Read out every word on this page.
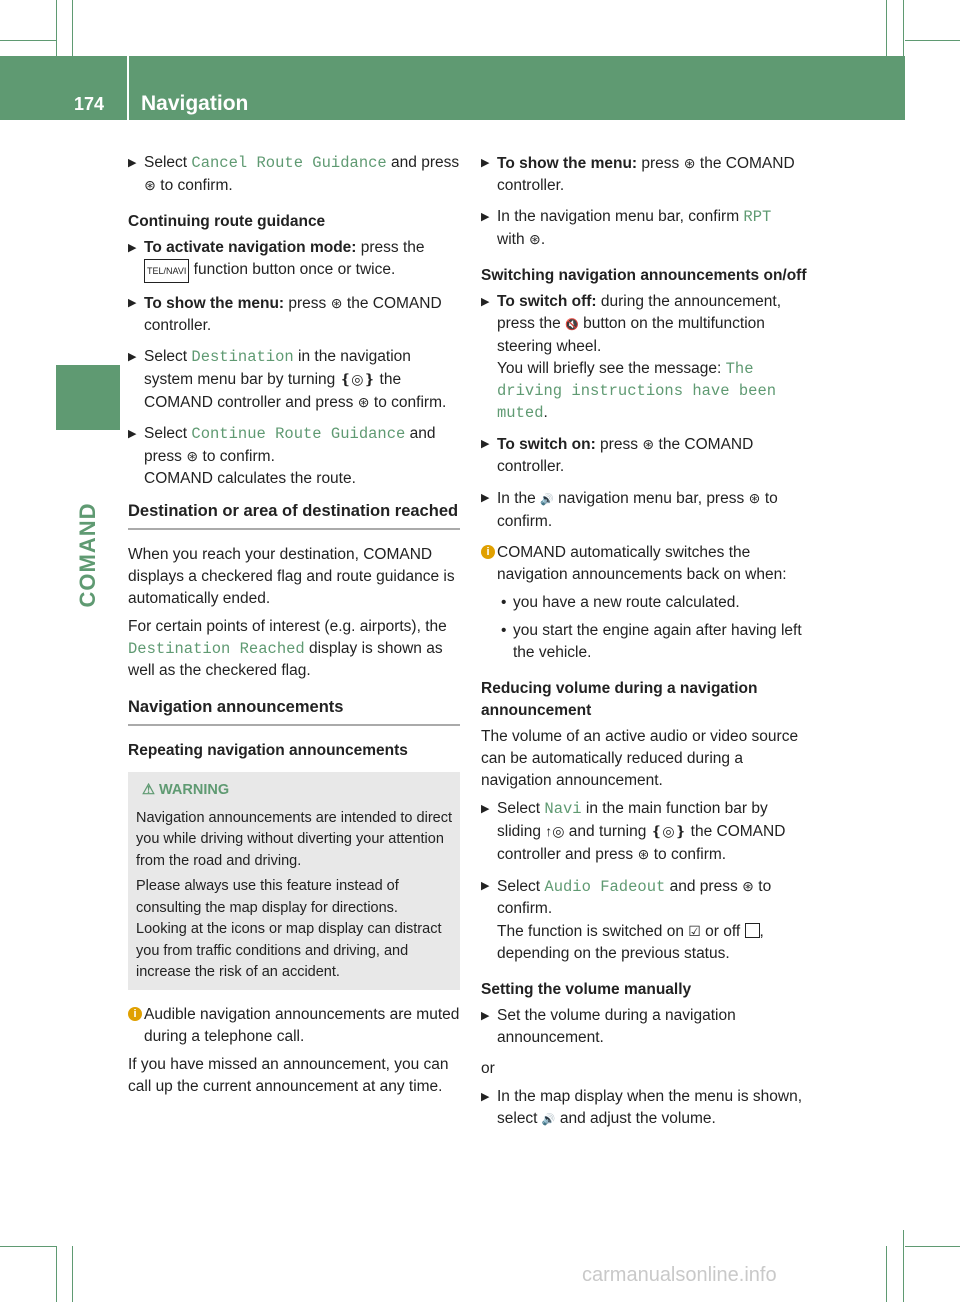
174 Navigation
COMAND
▶ Select Cancel Route Guidance and press
⊛ to confirm.
Continuing route guidance
▶ To activate navigation mode: press the
TEL/NAVI function button once or twice.
▶ To show the menu: press ⊛ the COMAND controller.
▶ Select Destination in the navigation system menu bar by turning ❴◎❵ the COMAND controller and press ⊛ to confirm.
▶ Select Continue Route Guidance and press ⊛ to confirm.
COMAND calculates the route.
Destination or area of destination reached
When you reach your destination, COMAND displays a checkered flag and route guidance is automatically ended.
For certain points of interest (e.g. airports), the Destination Reached display is shown as well as the checkered flag.
Navigation announcements
Repeating navigation announcements
⚠ WARNING
Navigation announcements are intended to direct you while driving without diverting your attention from the road and driving.
Please always use this feature instead of consulting the map display for directions. Looking at the icons or map display can distract you from traffic conditions and driving, and increase the risk of an accident.
i Audible navigation announcements are muted during a telephone call.
If you have missed an announcement, you can call up the current announcement at any time.
▶ To show the menu: press ⊛ the COMAND controller.
▶ In the navigation menu bar, confirm RPT
with ⊛.
Switching navigation announcements on/off
▶ To switch off: during the announcement, press the 🔇 button on the multifunction steering wheel.
You will briefly see the message: The driving instructions have been muted.
▶ To switch on: press ⊛ the COMAND controller.
▶ In the 🔊 navigation menu bar, press ⊛ to confirm.
i COMAND automatically switches the navigation announcements back on when:
• you have a new route calculated.
• you start the engine again after having left the vehicle.
Reducing volume during a navigation announcement
The volume of an active audio or video source can be automatically reduced during a navigation announcement.
▶ Select Navi in the main function bar by sliding ↑◎ and turning ❴◎❵ the COMAND controller and press ⊛ to confirm.
▶ Select Audio Fadeout and press ⊛ to confirm.
The function is switched on ☑ or off , depending on the previous status.
Setting the volume manually
▶ Set the volume during a navigation announcement.
or
▶ In the map display when the menu is shown, select 🔊 and adjust the volume.
carmanualsonline.info
